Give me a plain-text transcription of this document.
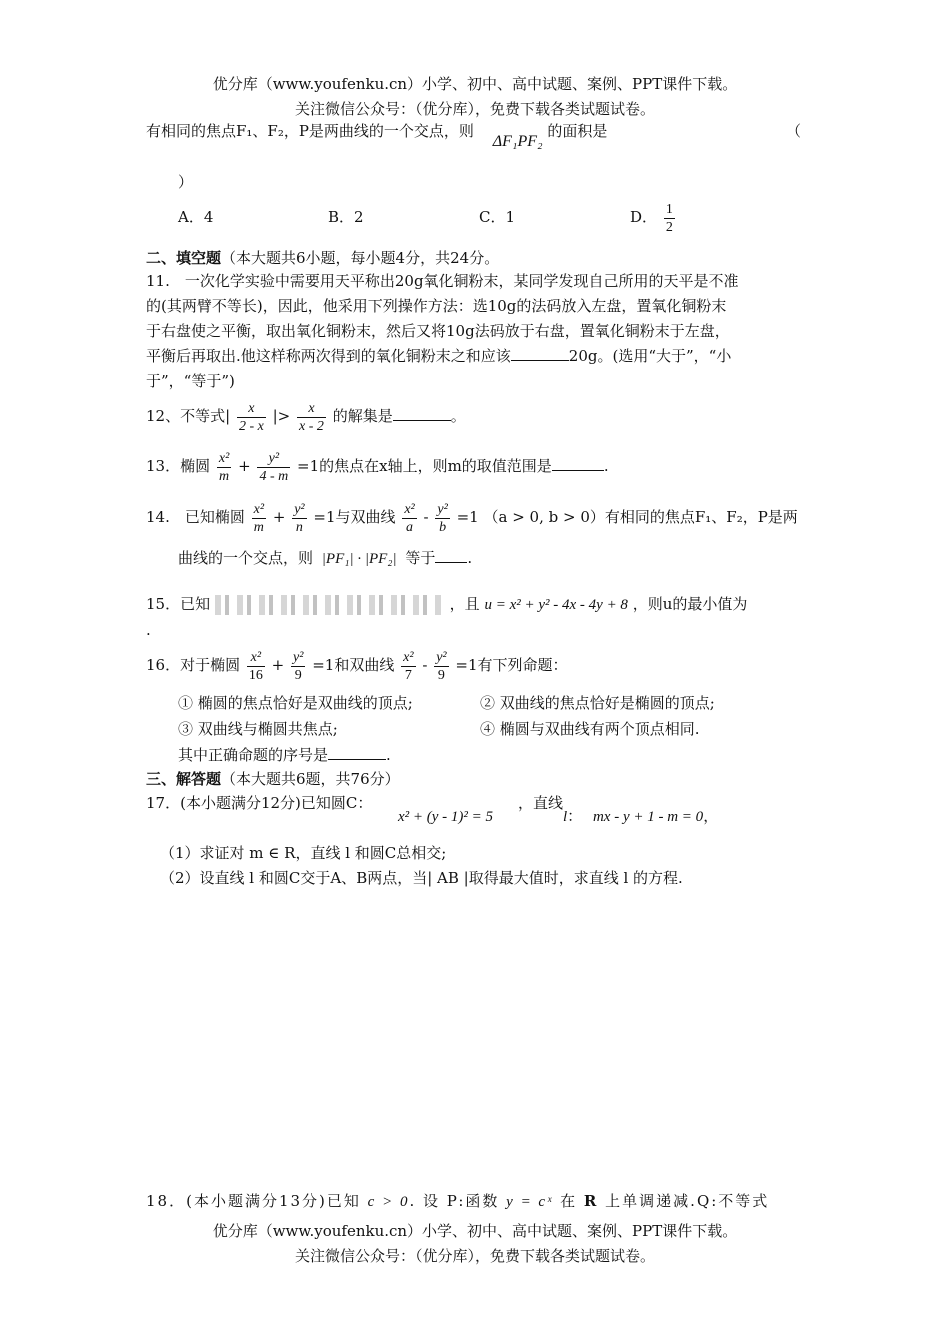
优分库（www.youfenku.cn）小学、初中、高中试题、案例、PPT课件下载。
关注微信公众号：（优分库），免费下载各类试题试卷。
有相同的焦点F₁、F₂，P是两曲线的一个交点，则 ΔF₁PF₂ 的面积是	（
）
A．4	B．2	C．1	D． $\frac{1}{2}$
二、填空题（本大题共6小题，每小题4分，共24分。
11.　一次化学实验中需要用天平称出20g氧化铜粉末，某同学发现自己所用的天平是不准
的(其两臂不等长)，因此，他采用下列操作方法：选10g的法码放入左盘，置氧化铜粉末
于右盘使之平衡，取出氧化铜粉末，然后又将10g法码放于右盘，置氧化铜粉末于左盘，
平衡后再取出.他这样称两次得到的氧化铜粉末之和应该	20g。(选用“大于”，“小
于”，“等于”)
12、不等式| $\frac{x}{2 - x}$ |> $\frac{x}{x - 2}$ 的解集是	。
13．椭圆 $\frac{\text{x²}}{m} + \frac{\text{y²}}{4 - m} =1$的焦点在x轴上，则m的取值范围是	.
14.　已知椭圆 $\frac{\text{x²}}{m} + \frac{\text{y²}}{n} =1$与双曲线 $\frac{\text{x²}}{a} - \frac{\text{y²}}{b} =1$ （a > 0, b > 0）有相同的焦点F₁、F₂，P是两
曲线的一个交点，则 |PF₁| · |PF₂| 等于 .
15．已知	，且 u = x² + y² - 4x - 4y + 8 ，则u的最小值为
.
16．对于椭圆 $\frac{\text{x²}}{16} + \frac{\text{y²}}{9} =1$和双曲线 $\frac{\text{x²}}{7} - \frac{\text{y²}}{9} =1$有下列命题：
① 椭圆的焦点恰好是双曲线的顶点;	② 双曲线的焦点恰好是椭圆的顶点;
③ 双曲线与椭圆共焦点;	④ 椭圆与双曲线有两个顶点相同.
其中正确命题的序号是	.
三、解答题（本大题共6题，共76分）
17．(本小题满分12分)已知圆C：
x² + (y - 1)² = 5
，直线
l： mx - y + 1 - m = 0，
（1）求证对 m ∈ R，直线 l 和圆C总相交;
（2）设直线 l 和圆C交于A、B两点，当| AB |取得最大值时，求直线 l 的方程.
18．(本小题满分13分)已知 c > 0. 设 P:函数 y = cˣ 在 R 上单调递减.Q:不等式
优分库（www.youfenku.cn）小学、初中、高中试题、案例、PPT课件下载。
关注微信公众号：（优分库），免费下载各类试题试卷。
